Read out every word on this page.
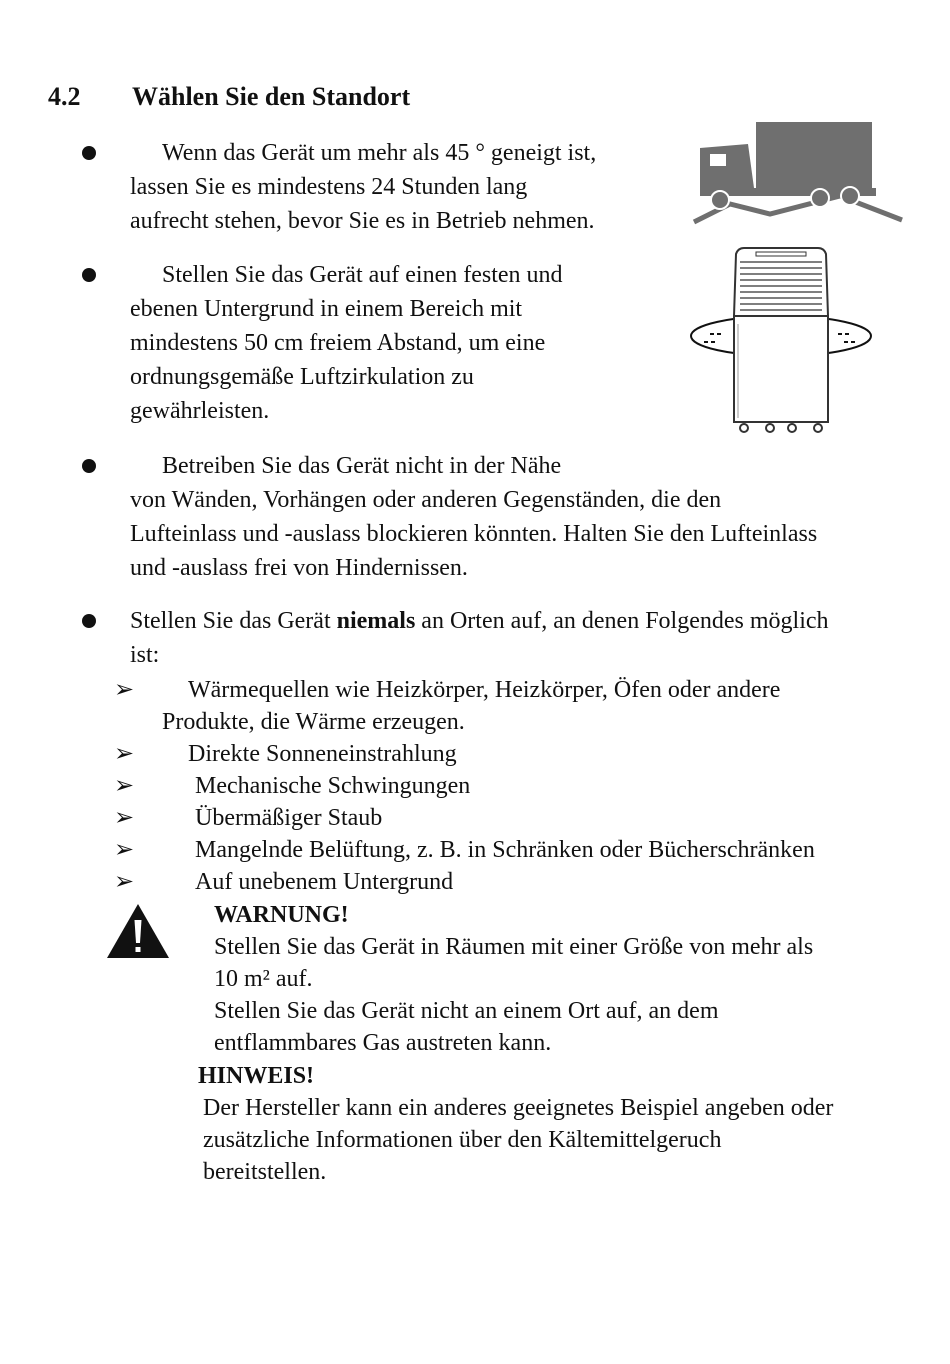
4.2 Wählen Sie den Standort
Wenn das Gerät um mehr als 45 ° geneigt ist,
lassen Sie es mindestens 24 Stunden lang
aufrecht stehen, bevor Sie es in Betrieb nehmen.
Stellen Sie das Gerät auf einen festen und
ebenen Untergrund in einem Bereich mit
mindestens 50 cm freiem Abstand, um eine
ordnungsgemäße Luftzirkulation zu
gewährleisten.
Betreiben Sie das Gerät nicht in der Nähe
von Wänden, Vorhängen oder anderen Gegenständen, die den
Lufteinlass und -auslass blockieren könnten. Halten Sie den Lufteinlass
und -auslass frei von Hindernissen.
Stellen Sie das Gerät niemals an Orten auf, an denen Folgendes möglich
ist:
➢ Wärmequellen wie Heizkörper, Heizkörper, Öfen oder andere
Produkte, die Wärme erzeugen.
➢ Direkte Sonneneinstrahlung
➢	Mechanische Schwingungen
➢	Übermäßiger Staub
➢	Mangelnde Belüftung, z. B. in Schränken oder Bücherschränken
➢	Auf unebenem Untergrund
WARNUNG!
Stellen Sie das Gerät in Räumen mit einer Größe von mehr als
10 m² auf.
Stellen Sie das Gerät nicht an einem Ort auf, an dem
entflammbares Gas austreten kann.
HINWEIS!
Der Hersteller kann ein anderes geeignetes Beispiel angeben oder
zusätzliche Informationen über den Kältemittelgeruch
bereitstellen.
